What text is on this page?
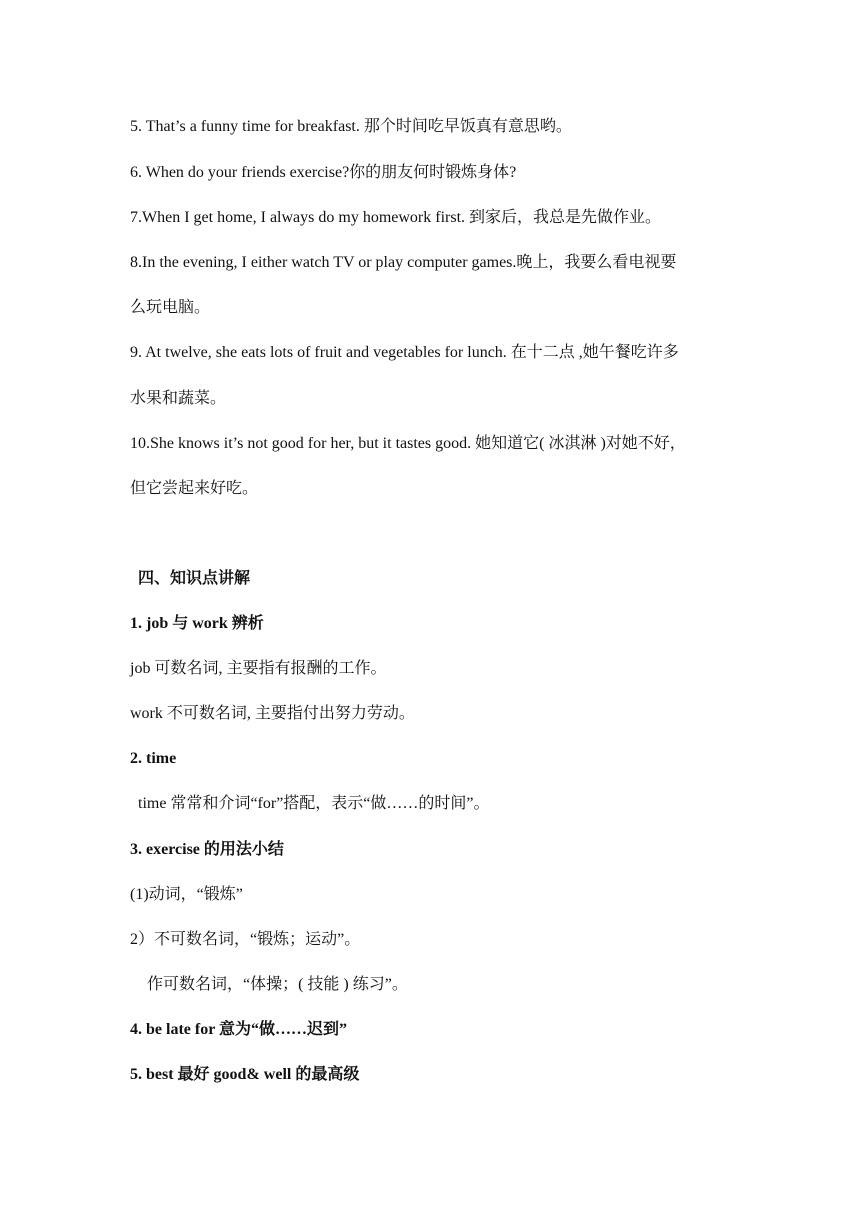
5. That’s a funny time for breakfast. 那个时间吃早饭真有意思哟。
6. When do your friends exercise?你的朋友何时锻炼身体?
7.When I get home, I always do my homework first. 到家后，我总是先做作业。
8.In the evening, I either watch TV or play computer games.晚上，我要么看电视要
么玩电脑。
9. At twelve, she eats lots of fruit and vegetables for lunch. 在十二点 ,她午餐吃许多
水果和蔬菜。
10.She knows it’s not good for her, but it tastes good. 她知道它( 冰淇淋 )对她不好，
但它尝起来好吃。
四、知识点讲解
1. job 与 work 辨析
job 可数名词, 主要指有报酬的工作。
work 不可数名词, 主要指付出努力劳动。
2. time
time 常常和介词“for”搭配，表示“做……的时间”。
3. exercise 的用法小结
(1)动词，“锻炼”
2）不可数名词，“锻炼；运动”。
作可数名词，“体操；( 技能 ) 练习”。
4. be late for 意为“做……迟到”
5. best 最好 good& well 的最高级
